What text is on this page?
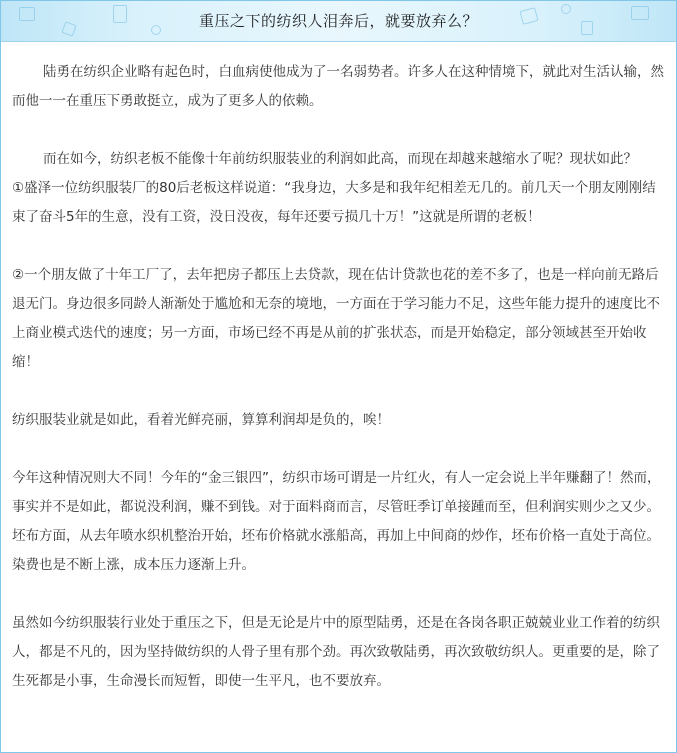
重压之下的纺织人泪奔后，就要放弃么？

陆勇在纺织企业略有起色时，白血病使他成为了一名弱势者。许多人在这种情境下，就此对生活认输，然而他一一在重压下勇敢挺立，成为了更多人的依赖。

而在如今，纺织老板不能像十年前纺织服装业的利润如此高，而现在却越来越缩水了呢？现状如此？

①盛泽一位纺织服装厂的80后老板这样说道：“我身边，大多是和我年纪相差无几的。前几天一个朋友刚刚结束了奋斗5年的生意，没有工资，没日没夜，每年还要亏损几十万！”这就是所谓的老板！

②一个朋友做了十年工厂了，去年把房子都压上去贷款，现在估计贷款也花的差不多了，也是一样向前无路后退无门。身边很多同龄人渐渐处于尴尬和无奈的境地，一方面在于学习能力不足，这些年能力提升的速度比不上商业模式迭代的速度；另一方面，市场已经不再是从前的扩张状态，而是开始稳定，部分领域甚至开始收缩！

纺织服装业就是如此，看着光鲜亮丽，算算利润却是负的，唉！

今年这种情况则大不同！今年的“金三银四”，纺织市场可谓是一片红火，有人一定会说上半年赚翻了！然而，事实并不是如此，都说没利润，赚不到钱。对于面料商而言，尽管旺季订单接踵而至，但利润实则少之又少。坯布方面，从去年喷水织机整治开始，坯布价格就水涨船高，再加上中间商的炒作，坯布价格一直处于高位。染费也是不断上涨，成本压力逐渐上升。

虽然如今纺织服装行业处于重压之下，但是无论是片中的原型陆勇，还是在各岗各职正兢兢业业工作着的纺织人，都是不凡的，因为坚持做纺织的人骨子里有那个劲。再次致敬陆勇，再次致敬纺织人。更重要的是，除了生死都是小事，生命漫长而短暂，即使一生平凡，也不要放弃。
